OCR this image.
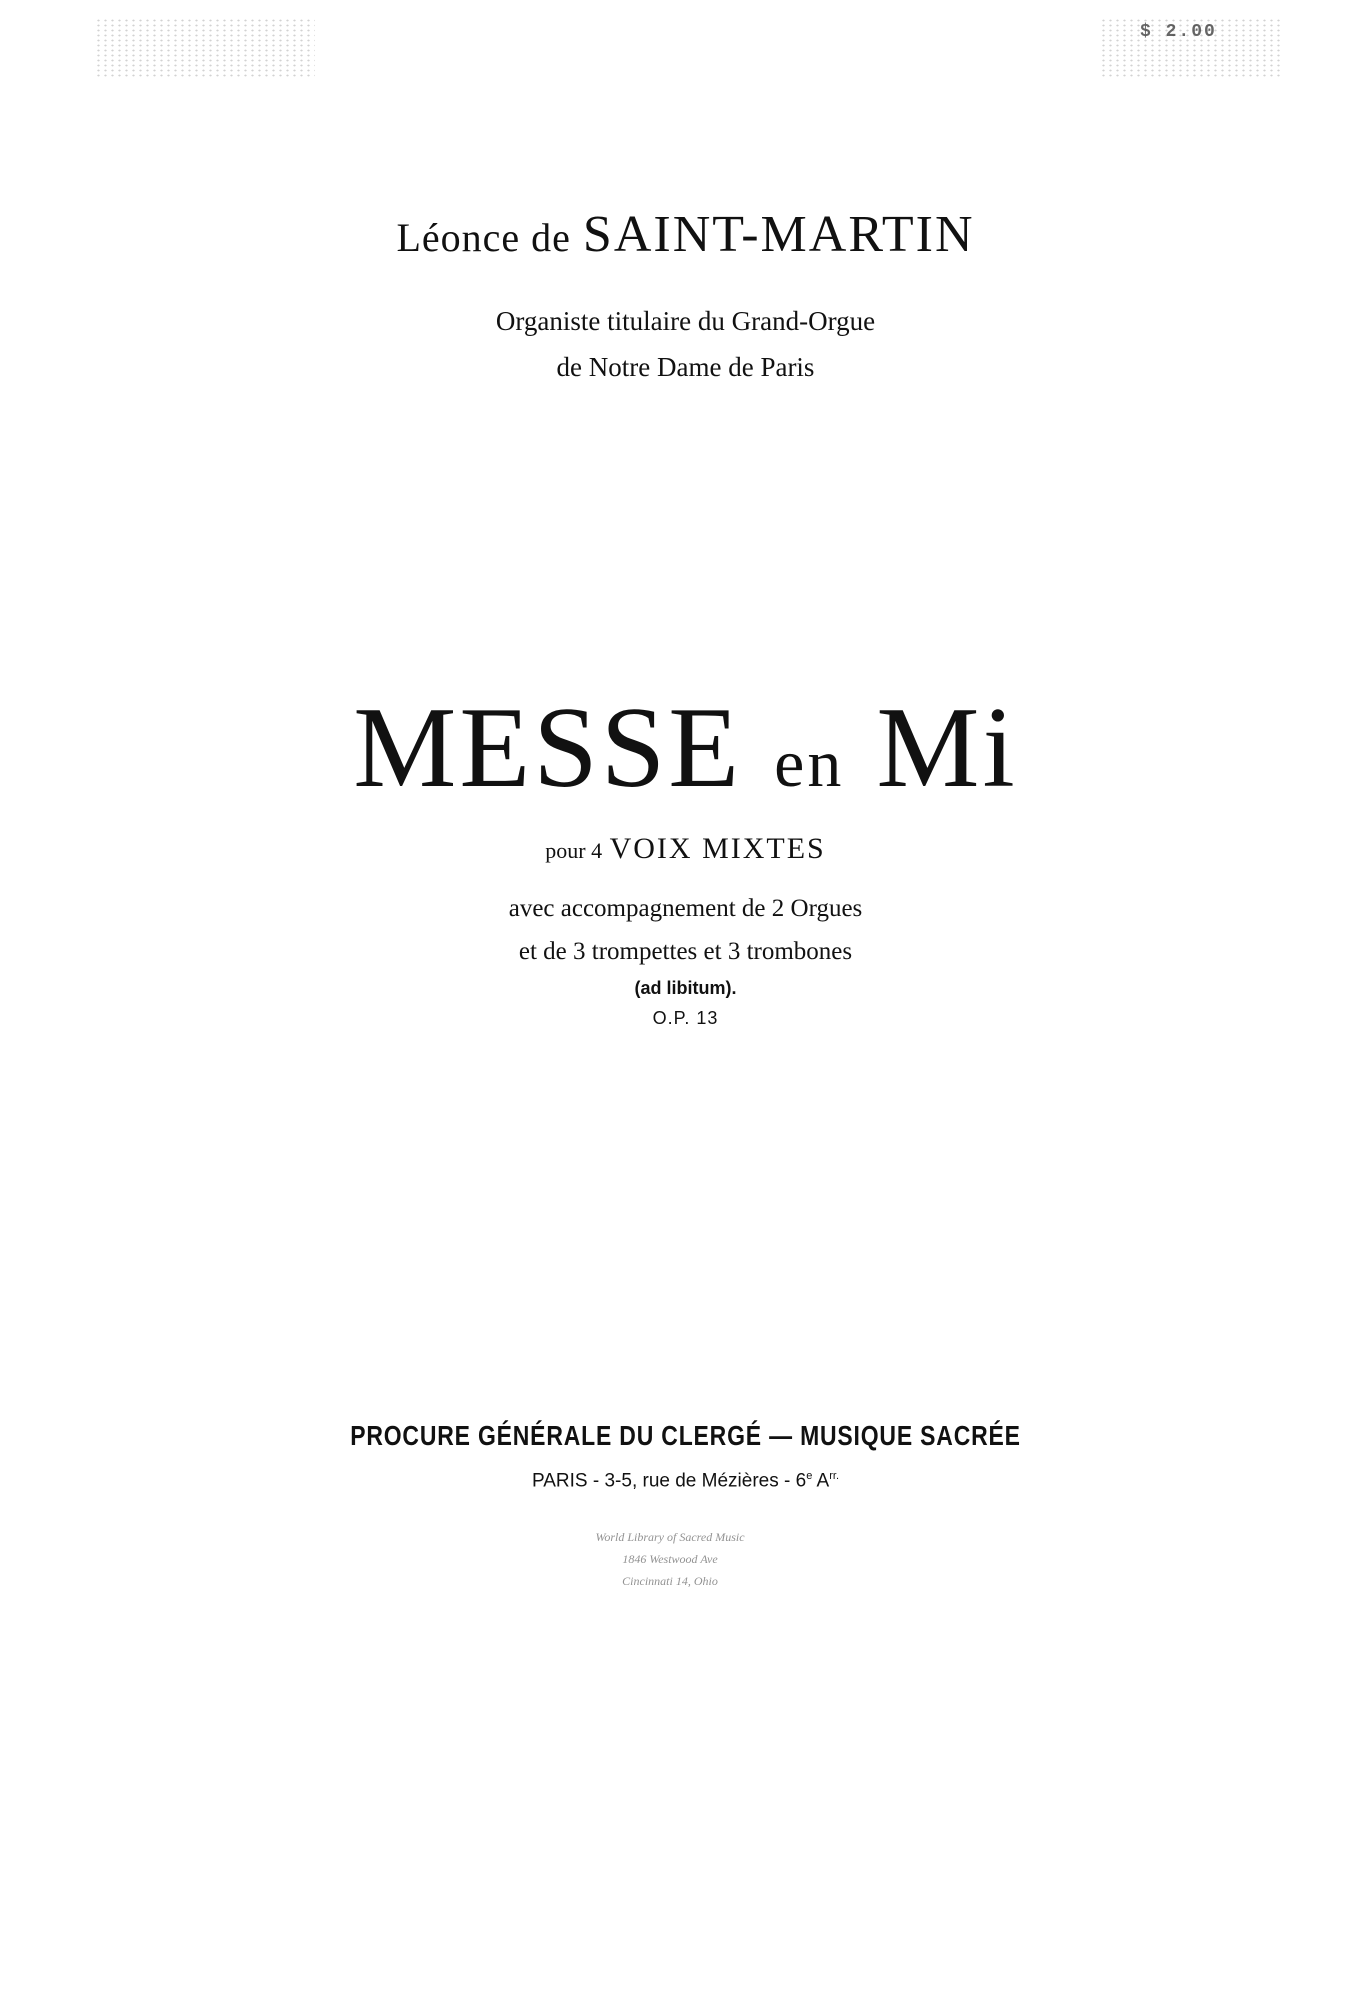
$ 2.00
Léonce de SAINT-MARTIN
Organiste titulaire du Grand-Orgue
de Notre Dame de Paris
MESSE en Mi
pour 4 VOIX MIXTES
avec accompagnement de 2 Orgues
et de 3 trompettes et 3 trombones
(ad libitum).
O.P. 13
PROCURE GÉNÉRALE DU CLERGÉ — MUSIQUE SACRÉE
PARIS - 3-5, rue de Mézières - 6e $A^{rr.}$
World Library of Sacred Music
1846 Westwood Ave
Cincinnati 14, Ohio
